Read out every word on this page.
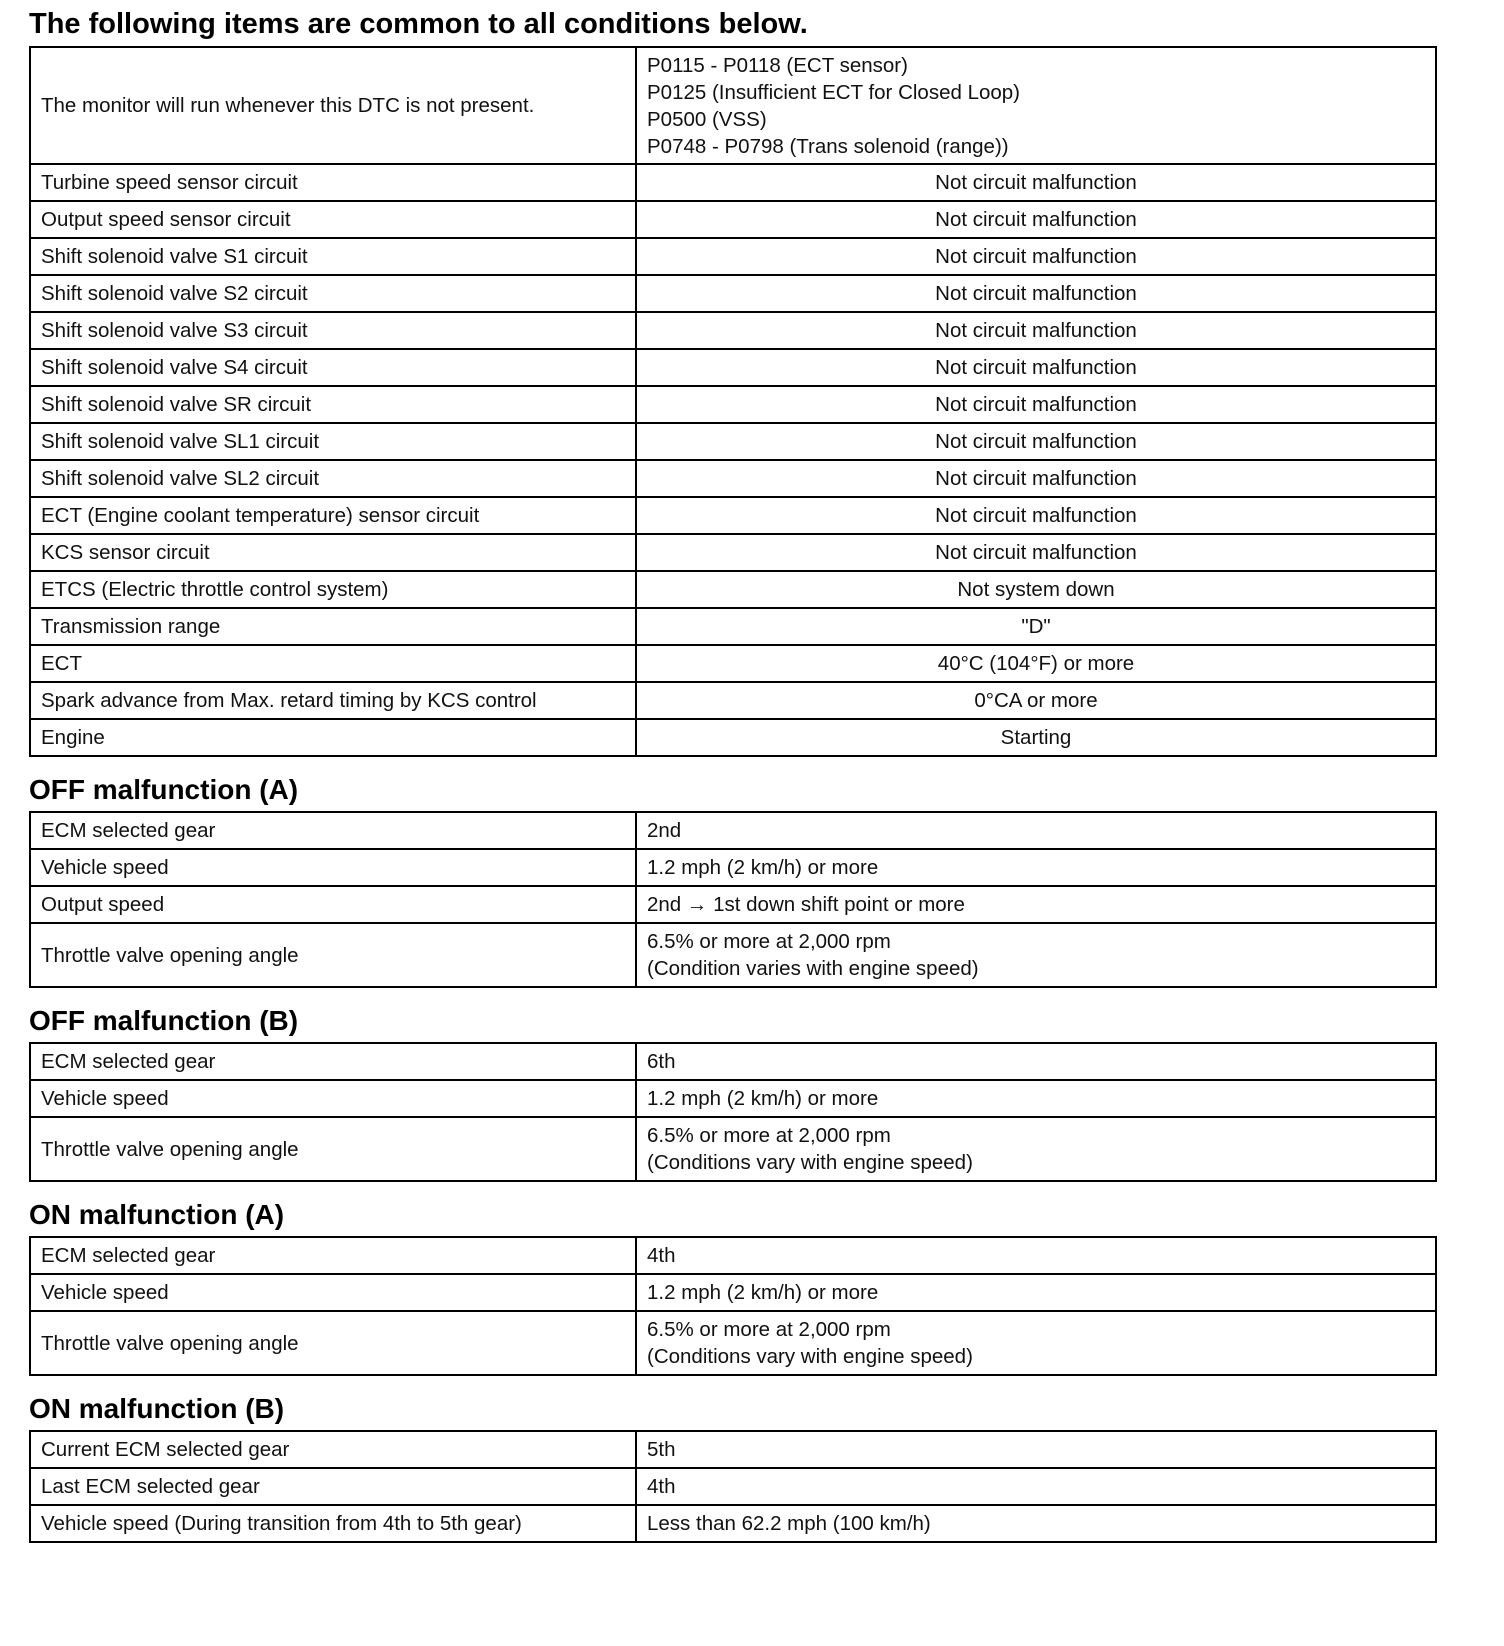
The following items are common to all conditions below.
The monitor will run whenever this DTC is not present.	P0115 - P0118 (ECT sensor)
P0125 (Insufficient ECT for Closed Loop)
P0500 (VSS)
P0748 - P0798 (Trans solenoid (range))

Turbine speed sensor circuit	Not circuit malfunction
Output speed sensor circuit	Not circuit malfunction
Shift solenoid valve S1 circuit	Not circuit malfunction
Shift solenoid valve S2 circuit	Not circuit malfunction
Shift solenoid valve S3 circuit	Not circuit malfunction
Shift solenoid valve S4 circuit	Not circuit malfunction
Shift solenoid valve SR circuit	Not circuit malfunction
Shift solenoid valve SL1 circuit	Not circuit malfunction
Shift solenoid valve SL2 circuit	Not circuit malfunction
ECT (Engine coolant temperature) sensor circuit	Not circuit malfunction
KCS sensor circuit	Not circuit malfunction
ETCS (Electric throttle control system)	Not system down
Transmission range	"D"
ECT	40°C (104°F) or more
Spark advance from Max. retard timing by KCS control	0°CA or more
Engine	Starting
OFF malfunction (A)
ECM selected gear	2nd
Vehicle speed	1.2 mph (2 km/h) or more
Output speed	2nd → 1st down shift point or more
Throttle valve opening angle	6.5% or more at 2,000 rpm
(Condition varies with engine speed)
OFF malfunction (B)
ECM selected gear	6th
Vehicle speed	1.2 mph (2 km/h) or more
Throttle valve opening angle	6.5% or more at 2,000 rpm
(Conditions vary with engine speed)
ON malfunction (A)
ECM selected gear	4th
Vehicle speed	1.2 mph (2 km/h) or more
Throttle valve opening angle	6.5% or more at 2,000 rpm
(Conditions vary with engine speed)
ON malfunction (B)
Current ECM selected gear	5th
Last ECM selected gear	4th
Vehicle speed (During transition from 4th to 5th gear)	Less than 62.2 mph (100 km/h)
